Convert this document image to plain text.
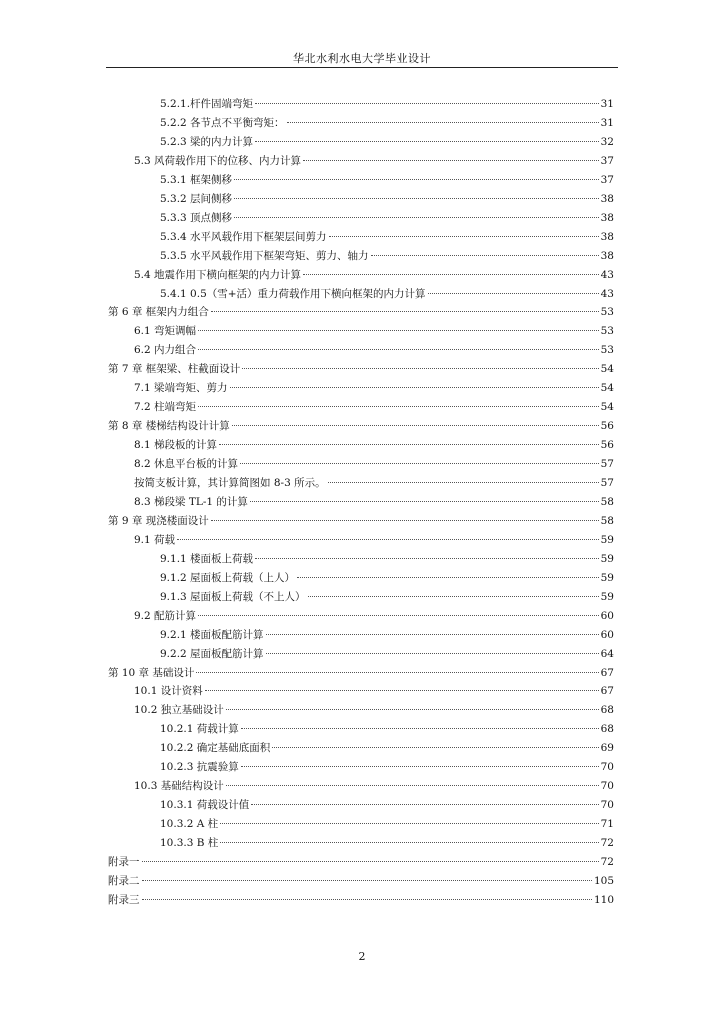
华北水利水电大学毕业设计
5.2.1.杆件固端弯矩	31
5.2.2 各节点不平衡弯矩：	31
5.2.3 梁的内力计算	32
5.3 风荷载作用下的位移、内力计算	37
5.3.1 框架侧移	37
5.3.2 层间侧移	38
5.3.3 顶点侧移	38
5.3.4 水平风载作用下框架层间剪力	38
5.3.5 水平风载作用下框架弯矩、剪力、轴力	38
5.4 地震作用下横向框架的内力计算	43
5.4.1 0.5（雪+活）重力荷载作用下横向框架的内力计算	43
第 6 章 框架内力组合	53
6.1 弯矩调幅	53
6.2 内力组合	53
第 7 章 框架梁、柱截面设计	54
7.1 梁端弯矩、剪力	54
7.2 柱端弯矩	54
第 8 章 楼梯结构设计计算	56
8.1 梯段板的计算	56
8.2 休息平台板的计算	57
按简支板计算，其计算简图如 8-3 所示。	57
8.3 梯段梁 TL-1 的计算	58
第 9 章 现浇楼面设计	58
9.1 荷载	59
9.1.1 楼面板上荷载	59
9.1.2 屋面板上荷载（上人）	59
9.1.3 屋面板上荷载（不上人）	59
9.2 配筋计算	60
9.2.1 楼面板配筋计算	60
9.2.2 屋面板配筋计算	64
第 10 章 基础设计	67
10.1 设计资料	67
10.2 独立基础设计	68
10.2.1 荷载计算	68
10.2.2 确定基础底面积	69
10.2.3 抗震验算	70
10.3 基础结构设计	70
10.3.1 荷载设计值	70
10.3.2 A 柱	71
10.3.3 B 柱	72
附录一	72
附录二	105
附录三	110
2
